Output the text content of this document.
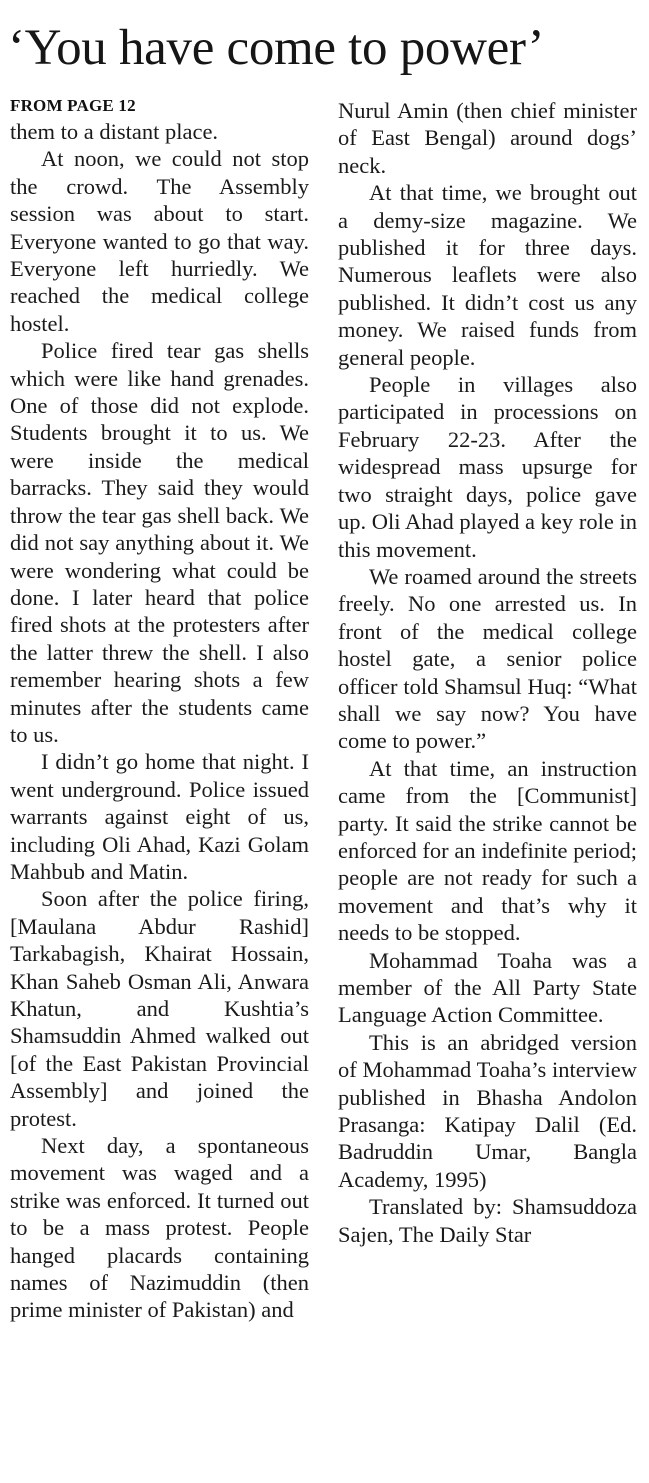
‘You have come to power’
FROM PAGE 12

them to a distant place.

At noon, we could not stop the crowd. The Assembly session was about to start. Everyone wanted to go that way. Everyone left hurriedly. We reached the medical college hostel.

Police fired tear gas shells which were like hand grenades. One of those did not explode. Students brought it to us. We were inside the medical barracks. They said they would throw the tear gas shell back. We did not say anything about it. We were wondering what could be done. I later heard that police fired shots at the protesters after the latter threw the shell. I also remember hearing shots a few minutes after the students came to us.

I didn’t go home that night. I went underground. Police issued warrants against eight of us, including Oli Ahad, Kazi Golam Mahbub and Matin.

Soon after the police firing, [Maulana Abdur Rashid] Tarkabagish, Khairat Hossain, Khan Saheb Osman Ali, Anwara Khatun, and Kushtia’s Shamsuddin Ahmed walked out [of the East Pakistan Provincial Assembly] and joined the protest.

Next day, a spontaneous movement was waged and a strike was enforced. It turned out to be a mass protest. People hanged placards containing names of Nazimuddin (then prime minister of Pakistan) and

Nurul Amin (then chief minister of East Bengal) around dogs’ neck.

At that time, we brought out a demy-size magazine. We published it for three days. Numerous leaflets were also published. It didn’t cost us any money. We raised funds from general people.

People in villages also participated in processions on February 22-23. After the widespread mass upsurge for two straight days, police gave up. Oli Ahad played a key role in this movement.

We roamed around the streets freely. No one arrested us. In front of the medical college hostel gate, a senior police officer told Shamsul Huq: “What shall we say now? You have come to power.”

At that time, an instruction came from the [Communist] party. It said the strike cannot be enforced for an indefinite period; people are not ready for such a movement and that’s why it needs to be stopped.

Mohammad Toaha was a member of the All Party State Language Action Committee.

This is an abridged version of Mohammad Toaha’s interview published in Bhasha Andolon Prasanga: Katipay Dalil (Ed. Badruddin Umar, Bangla Academy, 1995)

Translated by: Shamsuddoza Sajen, The Daily Star
